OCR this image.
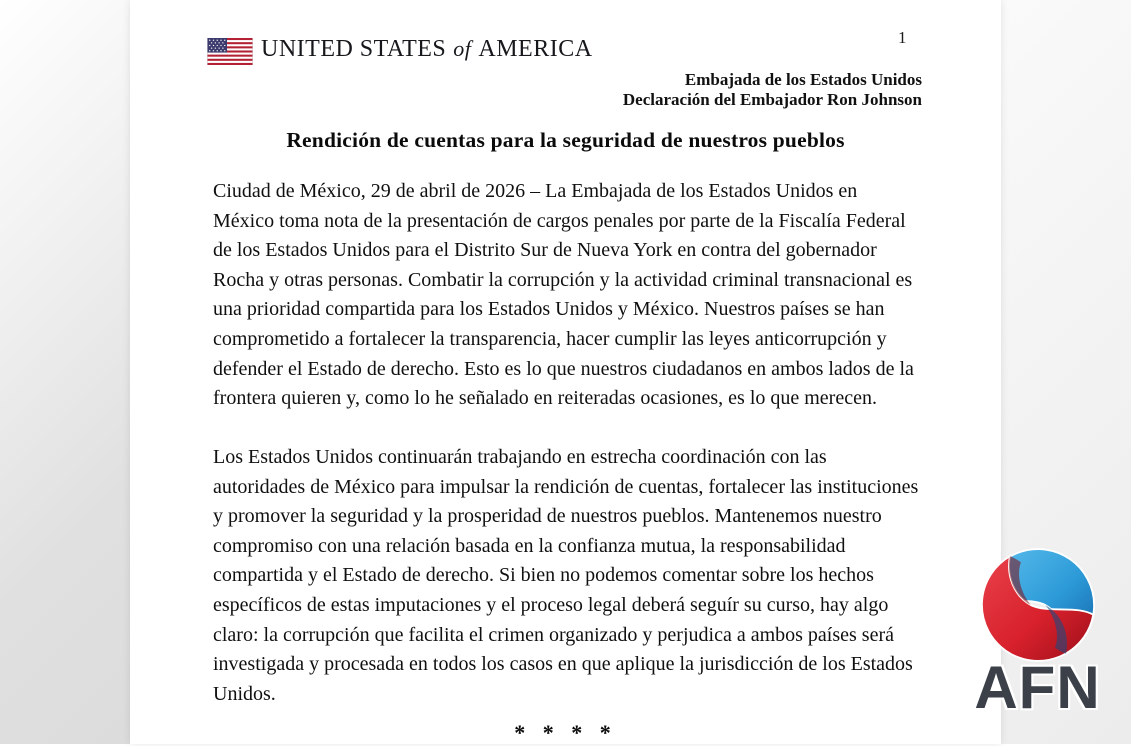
UNITED STATES of AMERICA	1
Embajada de los Estados Unidos
Declaración del Embajador Ron Johnson
Rendición de cuentas para la seguridad de nuestros pueblos
Ciudad de México, 29 de abril de 2026 – La Embajada de los Estados Unidos en
México toma nota de la presentación de cargos penales por parte de la Fiscalía Federal
de los Estados Unidos para el Distrito Sur de Nueva York en contra del gobernador
Rocha y otras personas. Combatir la corrupción y la actividad criminal transnacional es
una prioridad compartida para los Estados Unidos y México. Nuestros países se han
comprometido a fortalecer la transparencia, hacer cumplir las leyes anticorrupción y
defender el Estado de derecho. Esto es lo que nuestros ciudadanos en ambos lados de la
frontera quieren y, como lo he señalado en reiteradas ocasiones, es lo que merecen.
Los Estados Unidos continuarán trabajando en estrecha coordinación con las
autoridades de México para impulsar la rendición de cuentas, fortalecer las instituciones
y promover la seguridad y la prosperidad de nuestros pueblos. Mantenemos nuestro
compromiso con una relación basada en la confianza mutua, la responsabilidad
compartida y el Estado de derecho. Si bien no podemos comentar sobre los hechos
específicos de estas imputaciones y el proceso legal deberá seguír su curso, hay algo
claro: la corrupción que facilita el crimen organizado y perjudica a ambos países será
investigada y procesada en todos los casos en que aplique la jurisdicción de los Estados
Unidos.
* * * *
AFN
